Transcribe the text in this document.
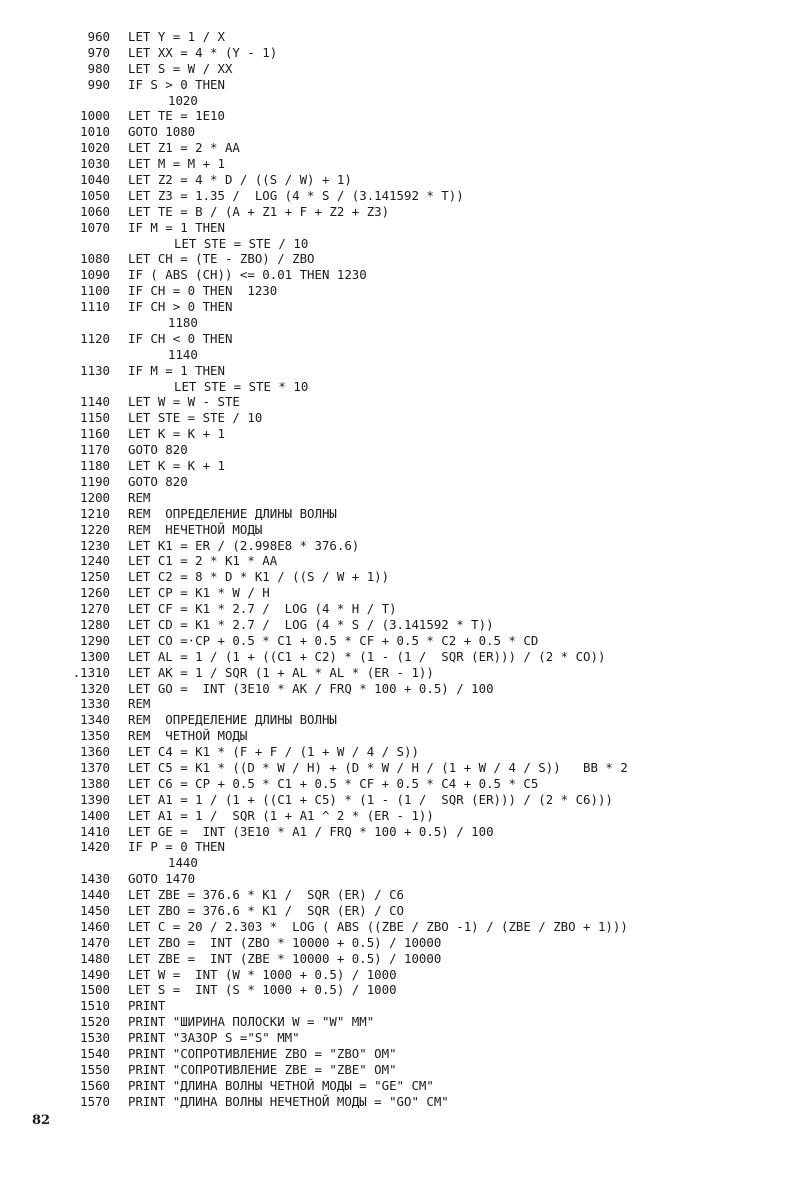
960 LET Y = 1 / X
970 LET XX = 4 * (Y - 1)
980 LET S = W / XX
990 IF S > 0 THEN
1020
1000 LET TE = 1E10
1010 GOTO 1080
1020 LET Z1 = 2 * AA
1030 LET M = M + 1
1040 LET Z2 = 4 * D / ((S / W) + 1)
1050 LET Z3 = 1.35 /  LOG (4 * S / (3.141592 * T))
1060 LET TE = B / (A + Z1 + F + Z2 + Z3)
1070 IF M = 1 THEN
LET STE = STE / 10
1080 LET CH = (TE - ZBO) / ZBO
1090 IF ( ABS (CH)) <= 0.01 THEN 1230
1100 IF CH = 0 THEN  1230
1110 IF CH > 0 THEN
1180
1120 IF CH < 0 THEN
1140
1130 IF M = 1 THEN
LET STE = STE * 10
1140 LET W = W - STE
1150 LET STE = STE / 10
1160 LET K = K + 1
1170 GOTO 820
1180 LET K = K + 1
1190 GOTO 820
1200 REM
1210 REM  ОПРЕДЕЛЕНИЕ ДЛИНЫ ВОЛНЫ
1220 REM  НЕЧЕТНОЙ МОДЫ
1230 LET K1 = ER / (2.998E8 * 376.6)
1240 LET C1 = 2 * K1 * AA
1250 LET C2 = 8 * D * K1 / ((S / W + 1))
1260 LET CP = K1 * W / H
1270 LET CF = K1 * 2.7 /  LOG (4 * H / T)
1280 LET CD = K1 * 2.7 /  LOG (4 * S / (3.141592 * T))
1290 LET CO =·CP + 0.5 * C1 + 0.5 * CF + 0.5 * C2 + 0.5 * CD
1300 LET AL = 1 / (1 + ((C1 + C2) * (1 - (1 /  SQR (ER))) / (2 * CO))
.1310 LET AK = 1 / SQR (1 + AL * AL * (ER - 1))
1320 LET GO =  INT (3E10 * AK / FRQ * 100 + 0.5) / 100
1330 REM
1340 REM  ОПРЕДЕЛЕНИЕ ДЛИНЫ ВОЛНЫ
1350 REM  ЧЕТНОЙ МОДЫ
1360 LET C4 = K1 * (F + F / (1 + W / 4 / S))
1370 LET C5 = K1 * ((D * W / H) + (D * W / H / (1 + W / 4 / S))   BB * 2
1380 LET C6 = CP + 0.5 * C1 + 0.5 * CF + 0.5 * C4 + 0.5 * C5
1390 LET A1 = 1 / (1 + ((C1 + C5) * (1 - (1 /  SQR (ER))) / (2 * C6)))
1400 LET A1 = 1 /  SQR (1 + A1 ^ 2 * (ER - 1))
1410 LET GE =  INT (3E10 * A1 / FRQ * 100 + 0.5) / 100
1420 IF P = 0 THEN
1440
1430 GOTO 1470
1440 LET ZBE = 376.6 * K1 /  SQR (ER) / C6
1450 LET ZBO = 376.6 * K1 /  SQR (ER) / CO
1460 LET C = 20 / 2.303 *  LOG ( ABS ((ZBE / ZBO -1) / (ZBE / ZBO + 1)))
1470 LET ZBO =  INT (ZBO * 10000 + 0.5) / 10000
1480 LET ZBE =  INT (ZBE * 10000 + 0.5) / 10000
1490 LET W =  INT (W * 1000 + 0.5) / 1000
1500 LET S =  INT (S * 1000 + 0.5) / 1000
1510 PRINT
1520 PRINT "ШИРИНА ПОЛОСКИ W = "W" MM"
1530 PRINT "ЗАЗОР S ="S" MM"
1540 PRINT "СОПРОТИВЛЕНИЕ ZBO = "ZBO" OM"
1550 PRINT "СОПРОТИВЛЕНИЕ ZBE = "ZBE" OM"
1560 PRINT "ДЛИНА ВОЛНЫ ЧЕТНОЙ МОДЫ = "GE" CM"
1570 PRINT "ДЛИНА ВОЛНЫ НЕЧЕТНОЙ МОДЫ = "GO" CM"
82
